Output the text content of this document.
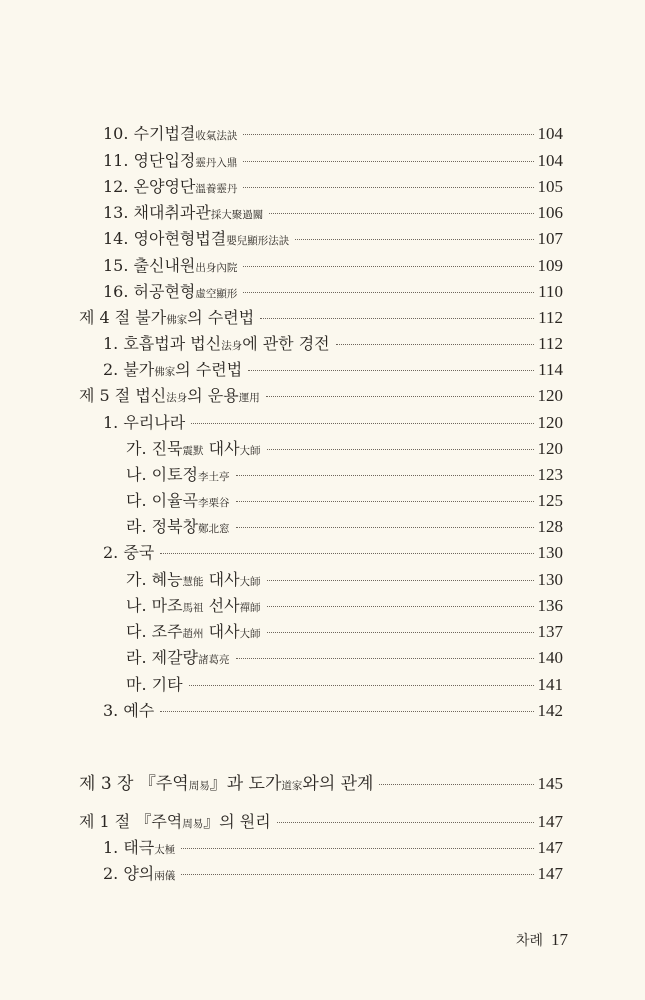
10. 수기법결收氣法訣	104
11. 영단입정靈丹入鼎	104
12. 온양영단溫養靈丹	105
13. 채대취과관採大聚過關	106
14. 영아현형법결嬰兒顯形法訣	107
15. 출신내원出身內院	109
16. 허공현형虛空顯形	110
제 4 절 불가佛家의 수련법	112
1. 호흡법과 법신法身에 관한 경전	112
2. 불가佛家의 수련법	114
제 5 절 법신法身의 운용運用	120
1. 우리나라	120
가. 진묵震默 대사大師	120
나. 이토정李土亭	123
다. 이율곡李栗谷	125
라. 정북창鄭北窓	128
2. 중국	130
가. 혜능慧能 대사大師	130
나. 마조馬祖 선사禪師	136
다. 조주趙州 대사大師	137
라. 제갈량諸葛亮	140
마. 기타	141
3. 예수	142
제 3 장 『주역周易』과 도가道家와의 관계	145
제 1 절 『주역周易』의 원리	147
1. 태극太極	147
2. 양의兩儀	147
차례 17
